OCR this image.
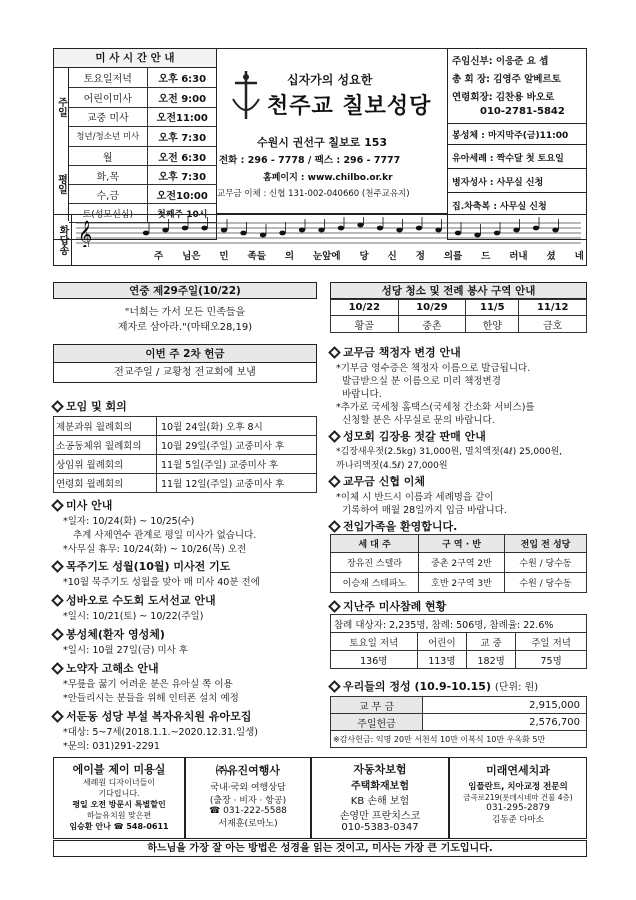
미 사 시 간 안 내
주일
평일
토요일저녁	오후 6:30
어린이미사	오전 9:00
교중 미사	오전11:00
청년/청소년 미사	오후 7:30
월	오전 6:30
화,목	오후 7:30
수,금	오전10:00
토(성모신심)	첫째주 10시
십자가의 성요한
천주교 칠보성당
수원시 권선구 칠보로 153
전화 : 296 - 7778 / 팩스 : 296 - 7777
홈페이지 : www.chilbo.or.kr
교무금 이체 : 신협 131-002-040660 (천주교유지)
주임신부: 이응준 요 셉
총 회 장: 김영주 알베르토
연령회장: 김찬용 바오로
010-2781-5842
봉성체 : 마지막주(금)11:00
유아세례 : 짝수달 첫 토요일
병자성사 : 사무실 신청
집.차축복 : 사무실 신청
화답송 𝄞
주 님은 민 족들 의 눈앞에 당 신 정 의를 드 러내 셨 네
연중 제29주일(10/22)
"너희는 가서 모든 민족들을
제자로 삼아라."(마태오28,19)
성당 청소 및 전례 봉사 구역 안내
10/22	10/29	11/5	11/12
황골	중촌	한양	금호
이번 주 2차 헌금
전교주일 / 교황청 전교회에 보냄
모임 및 회의
제분과위 월례회의	10월 24일(화) 오후 8시
소공동체위 월례회의	10월 29일(주일) 교중미사 후
상임위 월례회의	11월 5일(주일) 교중미사 후
연령회 월례회의	11월 12일(주일) 교중미사 후
미사 안내
*일자: 10/24(화) ~ 10/25(수)
추계 사제연수 관계로 평일 미사가 없습니다.
*사무실 휴무: 10/24(화) ~ 10/26(목) 오전
목주기도 성월(10월) 미사전 기도
*10월 묵주기도 성월을 맞아 매 미사 40분 전에
성바오로 수도회 도서선교 안내
*일시: 10/21(토) ~ 10/22(주일)
봉성체(환자 영성체)
*일시: 10월 27일(금) 미사 후
노약자 고해소 안내
*무릎을 꿇기 어려운 분은 유아실 쪽 이용
*안들리시는 분들을 위해 인터폰 설치 예정
서둔동 성당 부설 복자유치원 유아모집
*대상: 5~7세(2018.1.1.~2020.12.31.일생)
*문의: 031)291-2291
교무금 책정자 변경 안내
*기부금 영수증은 책정자 이름으로 발급됩니다.
발급받으실 분 이름으로 미리 책정변경
바랍니다.
*추가로 국세청 홈택스(국세청 간소화 서비스)를
신청할 분은 사무실로 문의 바랍니다.
성모회 김장용 젓갈 판매 안내
*김장새우젓(2.5kg) 31,000원, 멸치액젓(4ℓ) 25,000원,
까나리액젓(4.5ℓ) 27,000원
교무금 신협 이체
*이체 시 반드시 이름과 세례명을 같이
기록하여 매월 28일까지 입금 바랍니다.
전입가족을 환영합니다.
세 대 주	구 역 · 반	전입 전 성당
장유진 스텔라	중촌 2구역 2반	수원 / 당수동
이승재 스테파노	호반 2구역 3반	수원 / 당수동
지난주 미사참례 현황
참례 대상자: 2,235명, 참례: 506명, 참례율: 22.6%			
토요일 저녁	어린이	교 중	주일 저녁
136명	113명	182명	75명
우리들의 정성 (10.9-10.15) (단위: 원)
교 무 금	2,915,000
주일헌금	2,576,700
※감사헌금: 익명 20만 서천석 10만 이복식 10만 우옥화 5만	
에이블 제이 미용실
세례원 디자이너들이
기다립니다.
평일 오전 방문시 특별할인
하늘유치원 맞은편
임승환 안나 ☎ 548-0611
㈜유진여행사
국내·국외 여행상담
(출장 · 비자 · 항공)
☎ 031-222-5588
서재훈(로마노)
자동차보험
주택화재보험
KB 손해 보험
손영만 프란치스코
010-5383-0347
미래연세치과
임플란트, 치아교정 전문의
금곡로219(롯데시네마 건물 4층)
031-295-2879
김동준 다마소
하느님을 가장 잘 아는 방법은 성경을 읽는 것이고, 미사는 가장 큰 기도입니다.
